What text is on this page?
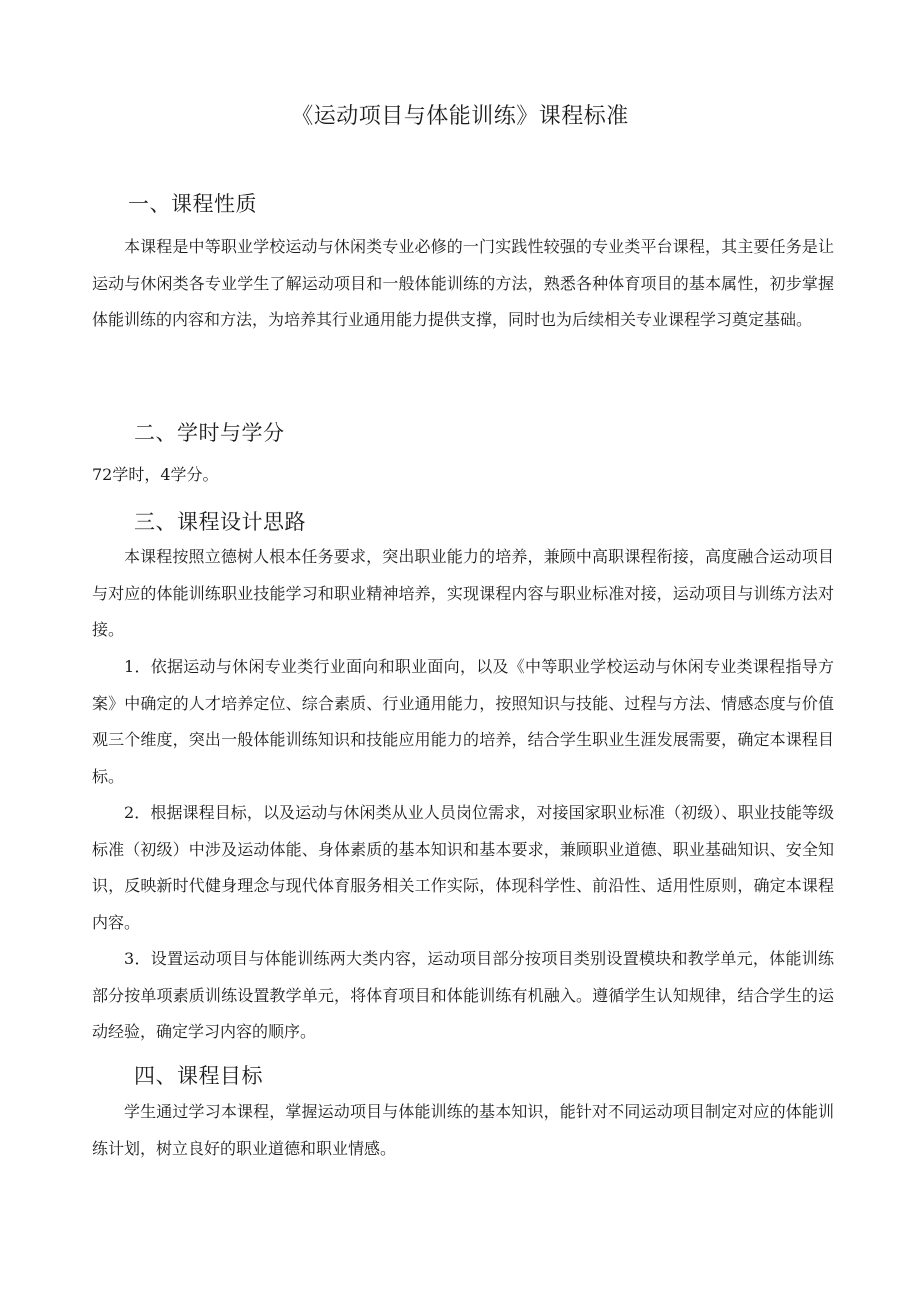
《运动项目与体能训练》课程标准
一、课程性质

本课程是中等职业学校运动与休闲类专业必修的一门实践性较强的专业类平台课程，其主要任务是让运动与休闲类各专业学生了解运动项目和一般体能训练的方法，熟悉各种体育项目的基本属性，初步掌握体能训练的内容和方法，为培养其行业通用能力提供支撑，同时也为后续相关专业课程学习奠定基础。

二、学时与学分

72学时，4学分。

三、课程设计思路

本课程按照立德树人根本任务要求，突出职业能力的培养，兼顾中高职课程衔接，高度融合运动项目与对应的体能训练职业技能学习和职业精神培养，实现课程内容与职业标准对接，运动项目与训练方法对接。

1．依据运动与休闲专业类行业面向和职业面向，以及《中等职业学校运动与休闲专业类课程指导方案》中确定的人才培养定位、综合素质、行业通用能力，按照知识与技能、过程与方法、情感态度与价值观三个维度，突出一般体能训练知识和技能应用能力的培养，结合学生职业生涯发展需要，确定本课程目标。

2．根据课程目标，以及运动与休闲类从业人员岗位需求，对接国家职业标准（初级）、职业技能等级标准（初级）中涉及运动体能、身体素质的基本知识和基本要求，兼顾职业道德、职业基础知识、安全知识，反映新时代健身理念与现代体育服务相关工作实际，体现科学性、前沿性、适用性原则，确定本课程内容。

3．设置运动项目与体能训练两大类内容，运动项目部分按项目类别设置模块和教学单元，体能训练部分按单项素质训练设置教学单元，将体育项目和体能训练有机融入。遵循学生认知规律，结合学生的运动经验，确定学习内容的顺序。

四、课程目标

学生通过学习本课程，掌握运动项目与体能训练的基本知识，能针对不同运动项目制定对应的体能训练计划，树立良好的职业道德和职业情感。
